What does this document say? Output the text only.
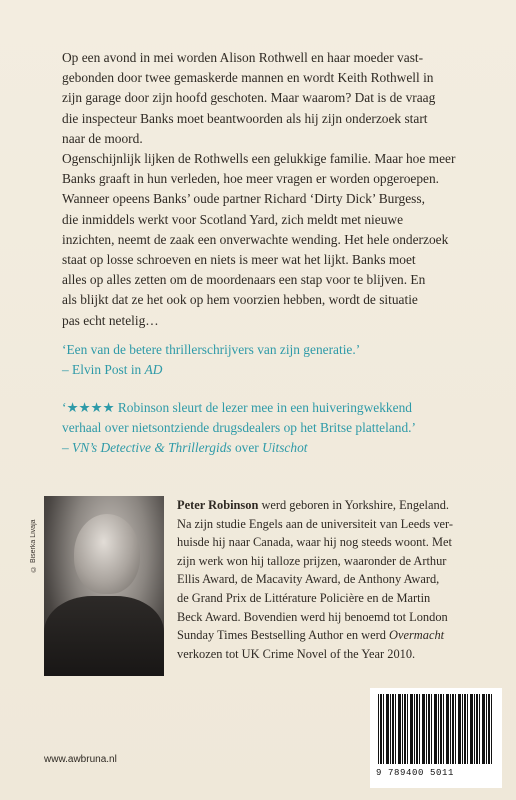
Op een avond in mei worden Alison Rothwell en haar moeder vast-
gebonden door twee gemaskerde mannen en wordt Keith Rothwell in
zijn garage door zijn hoofd geschoten. Maar waarom? Dat is de vraag
die inspecteur Banks moet beantwoorden als hij zijn onderzoek start
naar de moord.

Ogenschijnlijk lijken de Rothwells een gelukkige familie. Maar hoe meer
Banks graaft in hun verleden, hoe meer vragen er worden opgeroepen.
Wanneer opeens Banks’ oude partner Richard ‘Dirty Dick’ Burgess,
die inmiddels werkt voor Scotland Yard, zich meldt met nieuwe
inzichten, neemt de zaak een onverwachte wending. Het hele onderzoek
staat op losse schroeven en niets is meer wat het lijkt. Banks moet
alles op alles zetten om de moordenaars een stap voor te blijven. En
als blijkt dat ze het ook op hem voorzien hebben, wordt de situatie
pas echt netelig…

‘Een van de betere thrillerschrijvers van zijn generatie.’
– Elvin Post in AD
‘★★★★ Robinson sleurt de lezer mee in een huiveringwekkend
verhaal over nietsontziende drugsdealers op het Britse platteland.’
– VN’s Detective & Thrillergids over Uitschot
© Biserka Livaja
Peter Robinson werd geboren in Yorkshire, Engeland.
Na zijn studie Engels aan de universiteit van Leeds ver-
huisde hij naar Canada, waar hij nog steeds woont. Met
zijn werk won hij talloze prijzen, waaronder de Arthur
Ellis Award, de Macavity Award, de Anthony Award,
de Grand Prix de Littérature Policière en de Martin
Beck Award. Bovendien werd hij benoemd tot London
Sunday Times Bestselling Author en werd Overmacht
verkozen tot UK Crime Novel of the Year 2010.
www.awbruna.nl
9 789400 5011
